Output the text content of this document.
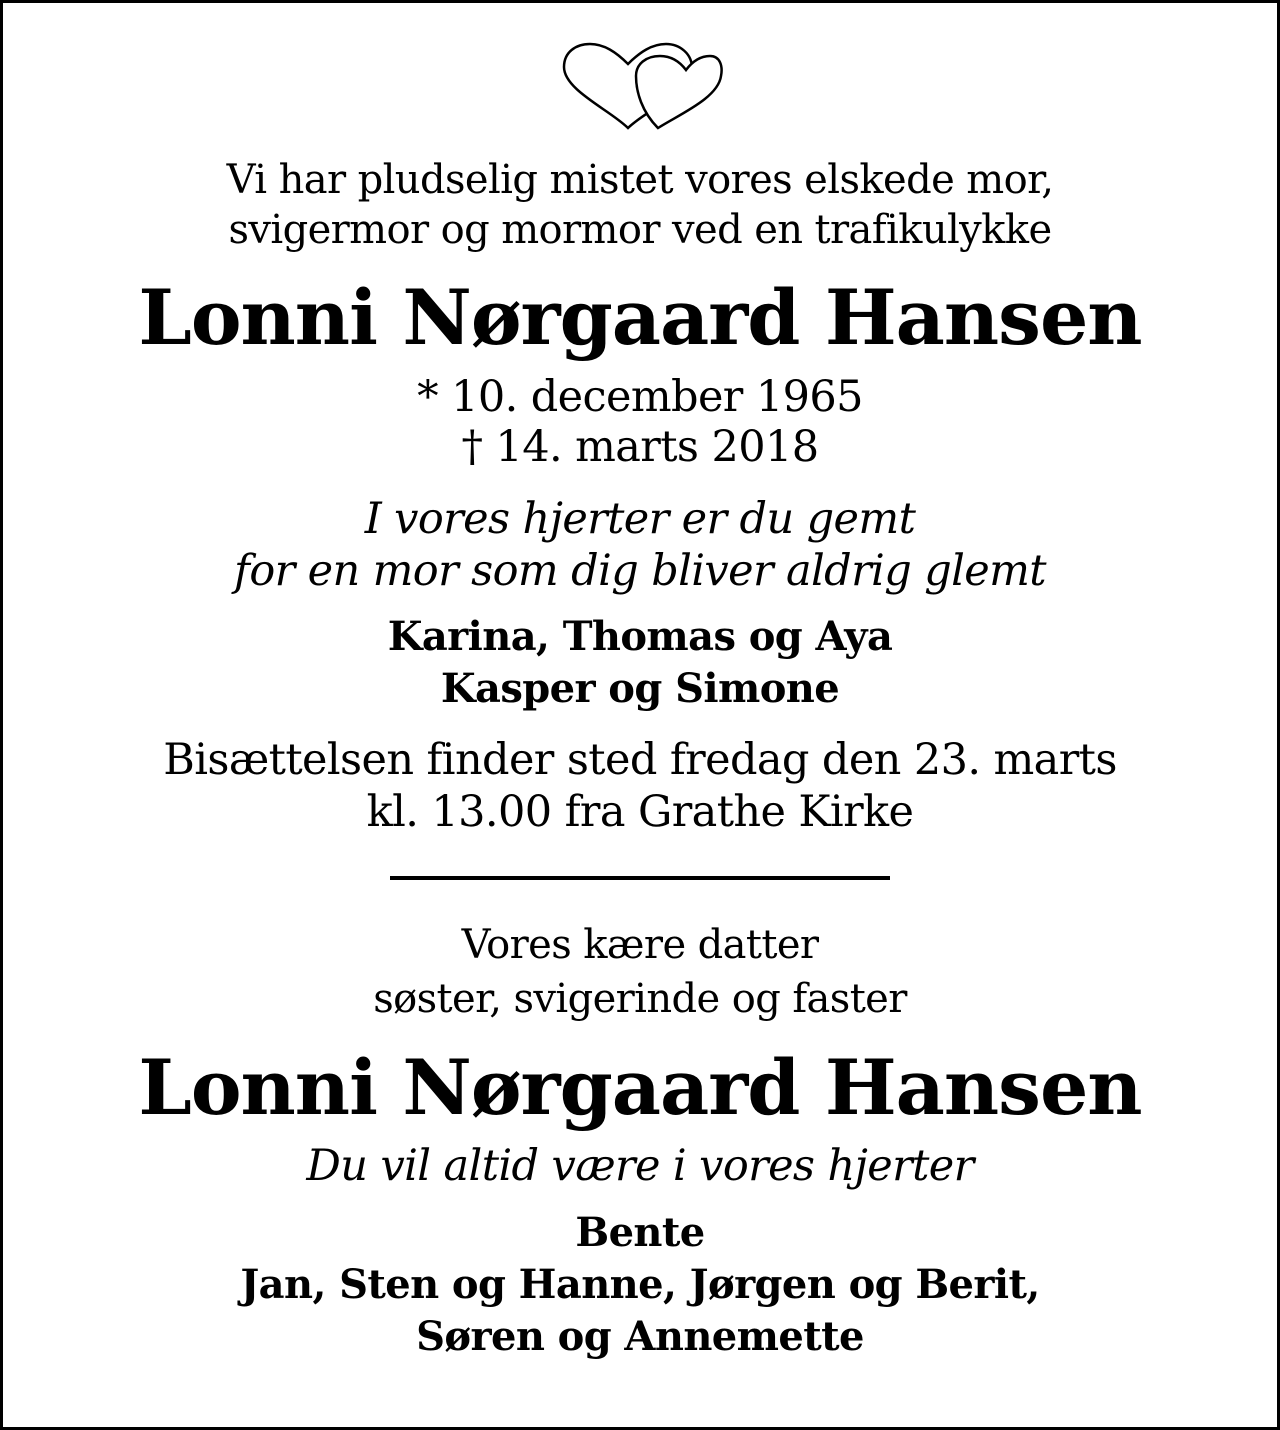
Vi har pludselig mistet vores elskede mor,
svigermor og mormor ved en trafikulykke
Lonni Nørgaard Hansen
* 10. december 1965
† 14. marts 2018
I vores hjerter er du gemt
for en mor som dig bliver aldrig glemt
Karina, Thomas og Aya
Kasper og Simone
Bisættelsen finder sted fredag den 23. marts
kl. 13.00 fra Grathe Kirke
Vores kære datter
søster, svigerinde og faster
Lonni Nørgaard Hansen
Du vil altid være i vores hjerter
Bente
Jan, Sten og Hanne, Jørgen og Berit,
Søren og Annemette
